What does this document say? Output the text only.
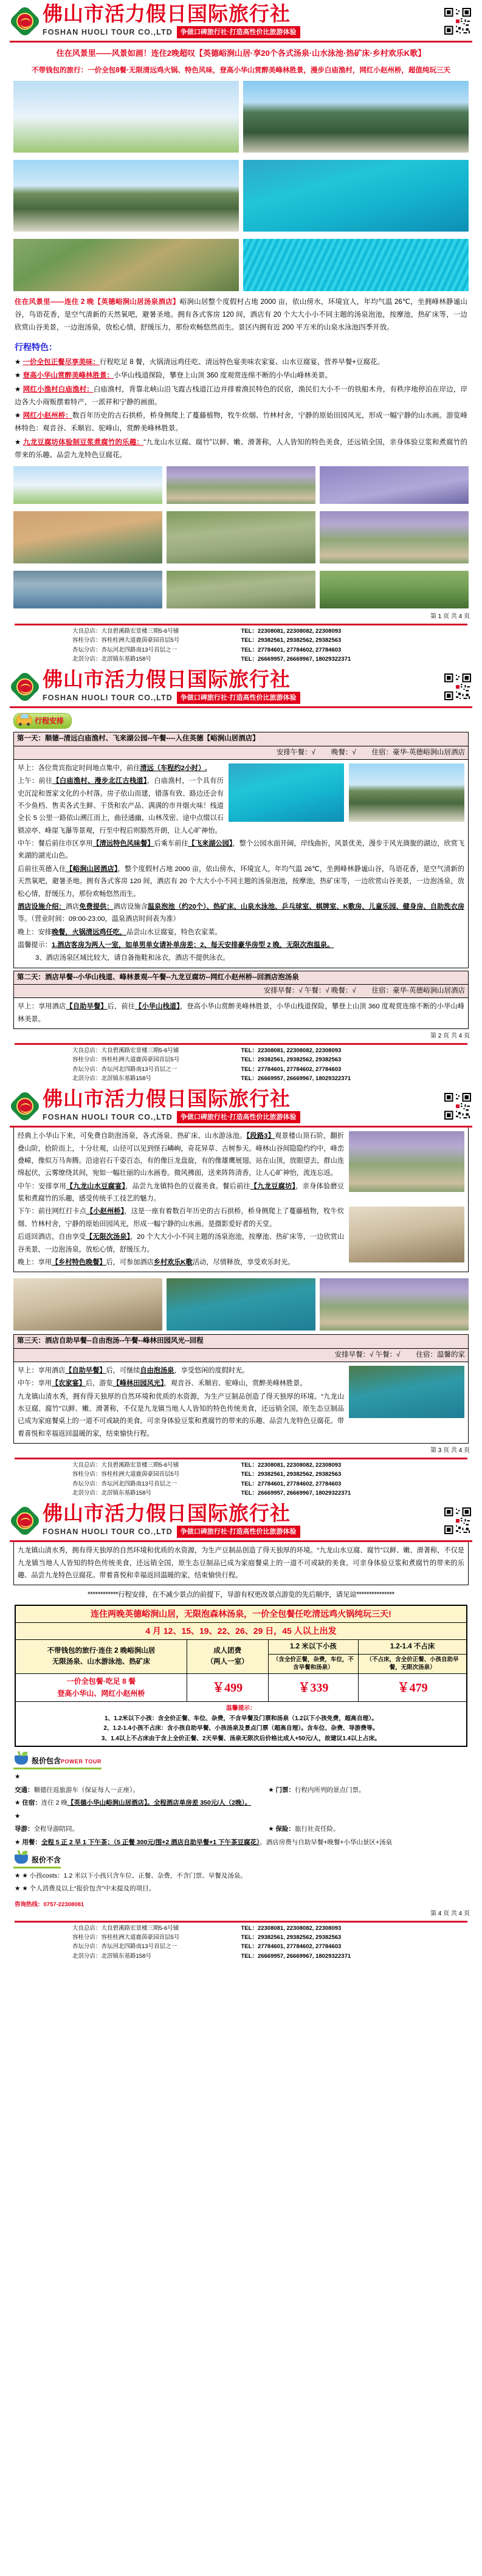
佛山市活力假日国际旅行社
FOSHAN HUOLI TOUR CO.,LTD	争做口碑旅行社·打造高性价比旅游体验
住在风景里——风景如画！连住2晚超叹【英德峪涧山居·享20个各式汤泉·山水泳池·热矿床·乡村欢乐K歌】
不带钱包的旅行：一价全包8餐·无限清远鸡火锅、特色风味，登高小华山赏醉美峰林胜景，漫步白庙渔村，网红小赵州桥，超值纯玩三天

住在风景里——连住 2 晚【英德峪涧山居汤泉酒店】峪涧山居整个度假村占地 2000 亩，依山傍水，环境宜人，年均气温 26℃，坐拥峰林静谧山谷，鸟语花香，是空气清新的天然氧吧，避暑圣地。拥有各式客房 120 间，酒店有 20 个大大小小不同主题的汤泉泡池，按摩池，热矿床等，一边欣赏山谷美景，一边泡汤泉，放松心情，舒缓压力，那份欢畅悠然而生。景区内拥有近 200 平方米的山泉水泳池四季开放。

行程特色：
★ 一价全包正餐尽享美味：行程吃足 8 餐，火锅清远鸡任吃、清远特色宴美味农家宴、山水豆腐宴，营养早餐+豆腐花。
★ 登高小华山赏醉美峰林胜景：小华山栈道探险，攀登上山顶 360 度观赏连绵不断的小华山峰林美景。
★ 网红小渔村白庙渔村：白庙渔村，背靠北峡山沿飞霞古栈道江边并排着渔民特色的民宿，渔民们大小不一的铁船木舟，有秩序地停泊在岸边，岸边各大小商贩摆着特产，一派祥和宁静的画面。
★ 网红小赵州桥：数百年历史的古石拱桥，桥身侧爬上了蔓藤植物，牧牛炊烟、竹林村舍，宁静的原始田园风光，形成一幅宁静的山水画。游览峰林特色：观音谷、禾顺岩、驼峰山，赏醉美峰林胜景。
★ 九龙豆腐坊体验制豆浆煮腐竹的乐趣：“九龙山水豆腐、腐竹”以鲜、嫩、滑著称，人人皆知的特色美食，还远销全国，亲身体验豆浆和煮腐竹的带来的乐趣、品尝九龙特色豆腐花。
第 1 页 共 4 页
大良总店：大良碧溪路宏景楼三期5-6号铺	TEL：22308081, 22308082, 22308093
容桂分店：容桂桂洲大道鹿茵豪园首层5号	TEL：29382561, 29382562, 29382563
杏坛分店：杏坛河北四路南13号首层之一	TEL：27784601, 27784602, 27784603
北滘分店：北滘镇东基路158号	TEL：26669957, 26669967, 18029322371
佛山市活力假日国际旅行社
FOSHAN HUOLI TOUR CO.,LTD	争做口碑旅行社·打造高性价比旅游体验
行程安排
第一天：顺德--清远白庙渔村、飞来湖公园--午餐----入住英德【峪涧山居酒店】
安排午餐：√ 晚餐：√ 住宿：豪华·英德峪涧山居酒店

早上：各位贵宾指定时间地点集中，前往清远（车程约2小时）.

上午：前往【白庙渔村、漫步北江古栈道】，白庙渔村，一个具有历史沉淀和疍家文化的小村落。房子依山而建，错落有致、路边还会有不少鱼档、售卖各式生鲜、干货和农产品、满满的市井烟火味！栈道全长 5 公里一路依山溯江而上，曲径通幽，山林茂密、途中点缀以石锁凉亭、峰崖飞瀑等景观，行至中程后则豁然开朗，让人心旷神怡。

中午：餐后前往市区享用【清远特色风味餐】后乘车前往【飞来湖公园】，整个公园水面开阔，岸线曲折，风景优美，漫步于风光旖旎的湖边，欣赏飞来湖的湖光山色。

后前往英德入住【峪涧山居酒店】，整个度假村占地 2000 亩，依山傍水，环境宜人，年均气温 26℃，坐拥峰林静谧山谷，鸟语花香，是空气清新的天然氧吧，避暑圣地。拥有各式客房 120 间，酒店有 20 个大大小小不同主题的汤泉泡池，按摩池，热矿床等，一边欣赏山谷美景，一边泡汤泉，放松心情，舒缓压力，那份欢畅悠然而生。

酒店设施介绍：酒店免费提供：酒店设施含温泉泡池（约20个）、热矿床、山泉水泳池、乒乓球室、棋牌室、K歌房、儿童乐园、健身房、自助洗衣房等。（营业时间：09:00-23:00，温泉酒店时间表为准）

晚上：安排晚餐，火锅清远鸡任吃，品尝山水豆腐宴，特色农家菜。

温馨提示：1.酒店客房为两人一室，如单男单女请补单房差；2、每天安排豪华房型 2 晚，无限次泡温泉。

3、酒店汤泉区域比较大，请自备拖鞋和泳衣，酒店不提供泳衣。

第二天：酒店早餐--小华山栈道、峰林景观--午餐--九龙豆腐坊--网红小赵州桥--回酒店泡汤泉
安排早餐：√ 午餐：√ 晚餐：√ 住宿：豪华·英德峪涧山居酒店

早上：享用酒店【自助早餐】后，前往【小华山栈道】，登高小华山赏醉美峰林胜景，小华山栈道探险，攀登上山顶 360 度观赏连绵不断的小华山峰林美景。

第 2 页 共 4 页
大良总店：大良碧溪路宏景楼三期5-6号铺	TEL：22308081, 22308082, 22308093
容桂分店：容桂桂洲大道鹿茵豪园首层5号	TEL：29382561, 29382562, 29382563
杏坛分店：杏坛河北四路南13号首层之一	TEL：27784601, 27784602, 27784603
北滘分店：北滘镇东基路158号	TEL：26669957, 26669967, 18029322371
佛山市活力假日国际旅行社
FOSHAN HUOLI TOUR CO.,LTD	争做口碑旅行社·打造高性价比旅游体验

经典上小华山下来，可免费自助泡汤泉，各式汤泉、热矿床、山水游泳池。【段路3】观景楼山顶石阶，翻折叠山阶，拾阶而上，十分壮观，山径可以见到怪石嶙峋，奇花异草、古树参天。峰林山谷间隐隐约约中，峰峦叠嶂，像似万马奔腾。沿途岩石千姿百态，有的像巨龙盘旋，有的像雄鹰展翅。站在山顶，放眼望去，群山连绵起伏，云雾缭绕其间，宛如一幅壮丽的山水画卷。微风拂面，送来阵阵清香，让人心旷神怡，流连忘返。

中午：安排享用【九龙山水豆腐宴】，品尝九龙镇特色的豆腐美食。餐后前往【九龙豆腐坊】，亲身体验磨豆浆和煮腐竹的乐趣，感受传统手工技艺的魅力。

下午：前往网红打卡点【小赵州桥】，这是一座有着数百年历史的古石拱桥，桥身侧爬上了蔓藤植物，牧牛炊烟、竹林村舍，宁静的原始田园风光，形成一幅宁静的山水画。是摄影爱好者的天堂。

后返回酒店，自由享受【无限次汤泉】，20 个大大小小不同主题的汤泉泡池，按摩池、热矿床等，一边欣赏山谷美景，一边泡汤泉，放松心情，舒缓压力。

晚上：享用【乡村特色晚餐】后，可参加酒店乡村欢乐K歌活动，尽情释放，享受欢乐时光。

第三天：酒店自助早餐--自由泡汤--午餐--峰林田园风光--回程
安排早餐：√ 午餐：√ 住宿：温馨的家

早上：享用酒店【自助早餐】后，可继续自由泡汤泉，享受悠闲的度假时光。

中午：享用【农家宴】后，游览【峰林田园风光】，观音谷、禾顺岩、驼峰山，赏醉美峰林胜景。

九龙镇山清水秀，拥有得天独厚的自然环境和优质的水资源，为生产豆制品创造了得天独厚的环境。“九龙山水豆腐、腐竹”以鲜、嫩、滑著称，不仅是九龙镇当地人人皆知的特色传统美食，还远销全国，原生态豆制品已成为家庭餐桌上的一道不可或缺的美食。可亲身体验豆浆和煮腐竹的带来的乐趣、品尝九龙特色豆腐花。带着喜悦和幸福返回温暖的家，结束愉快行程。

第 3 页 共 4 页
大良总店：大良碧溪路宏景楼三期5-6号铺	TEL：22308081, 22308082, 22308093
容桂分店：容桂桂洲大道鹿茵豪园首层5号	TEL：29382561, 29382562, 29382563
杏坛分店：杏坛河北四路南13号首层之一	TEL：27784601, 27784602, 27784603
北滘分店：北滘镇东基路158号	TEL：26669957, 26669967, 18029322371
佛山市活力假日国际旅行社
FOSHAN HUOLI TOUR CO.,LTD	争做口碑旅行社·打造高性价比旅游体验

九龙镇山清水秀，拥有得天独厚的自然环境和优质的水资源，为生产豆制品创造了得天独厚的环境。“九龙山水豆腐、腐竹”以鲜、嫩、滑著称，不仅是九龙镇当地人人皆知的特色传统美食，还远销全国，原生态豆制品已成为家庭餐桌上的一道不可或缺的美食。可亲身体验豆浆和煮腐竹的带来的乐趣、品尝九龙特色豆腐花。带着喜悦和幸福返回温暖的家，结束愉快行程。

************行程安排，在不减少景点的前提下，导游有权更改景点游览的先后顺序，请见谅***************
连住两晚英德峪涧山居，无限泡森林汤泉，一价全包餐任吃清远鸡火锅纯玩三天!			
4 月 12、15、19、22、26、29 日，45 人以上出发			

不带钱包的旅行·连住 2 晚峪涧山居
无限汤泉、山水游泳池、热矿床

成人团费
（两人一室）
	1.2 米以下小孩	1.2-1.4 不占床
		（含全价正餐，杂费，车位，不含早餐和汤泉）	（不占床，含全价正餐、小孩自助早餐，无限次汤泉）

一价全包餐·吃足 8 餐
登高小华山、网红小赵州桥	￥499	￥339	￥479

温馨提示：
1、1.2米以下小孩：含全价正餐、车位、杂费，不含早餐及门票和汤泉（1.2以下小孩免费，超高自理）。
2、1.2-1.4小孩不占床：含小孩自助早餐、小孩汤泉及景点门票（超高自理）。含车位、杂费、导游费等。
3、1.4以上不占床由于含上全价正餐、2天早餐、汤泉无限次后价格比成人+50元/人，故建议1.4以上占床。			
报价包含POWER TOUR
★ 交通：顺德往返旅游车（保证每人一正座）。	★ 门票：行程内所列的景点门票。
★ 住宿：连住 2 晚【英德小华山峪涧山居酒店】。全程酒店单房差 350元/人（2晚）。
★ 导游：全程导游陪同。	★ 保险：旅行社责任险。
★ 用餐：全程 5 正 2 早 1 下午茶；（5 正餐 300元/围+2 酒店自助早餐+1 下午茶豆腐花）。酒店房费与自助早餐+晚餐+小华山景区+汤泉
报价不含
★ ★ 小孩costs：1.2 米以下小孩只含车位、正餐、杂费，不含门票、早餐及汤泉。
★ ★ 个人消费及以上“报价包含”中未提及的项目。
咨询热线：0757-22308081
第 4 页 共 4 页
大良总店：大良碧溪路宏景楼三期5-6号铺	TEL：22308081, 22308082, 22308093
容桂分店：容桂桂洲大道鹿茵豪园首层5号	TEL：29382561, 29382562, 29382563
杏坛分店：杏坛河北四路南13号首层之一	TEL：27784601, 27784602, 27784603
北滘分店：北滘镇东基路158号	TEL：26669957, 26669967, 18029322371
